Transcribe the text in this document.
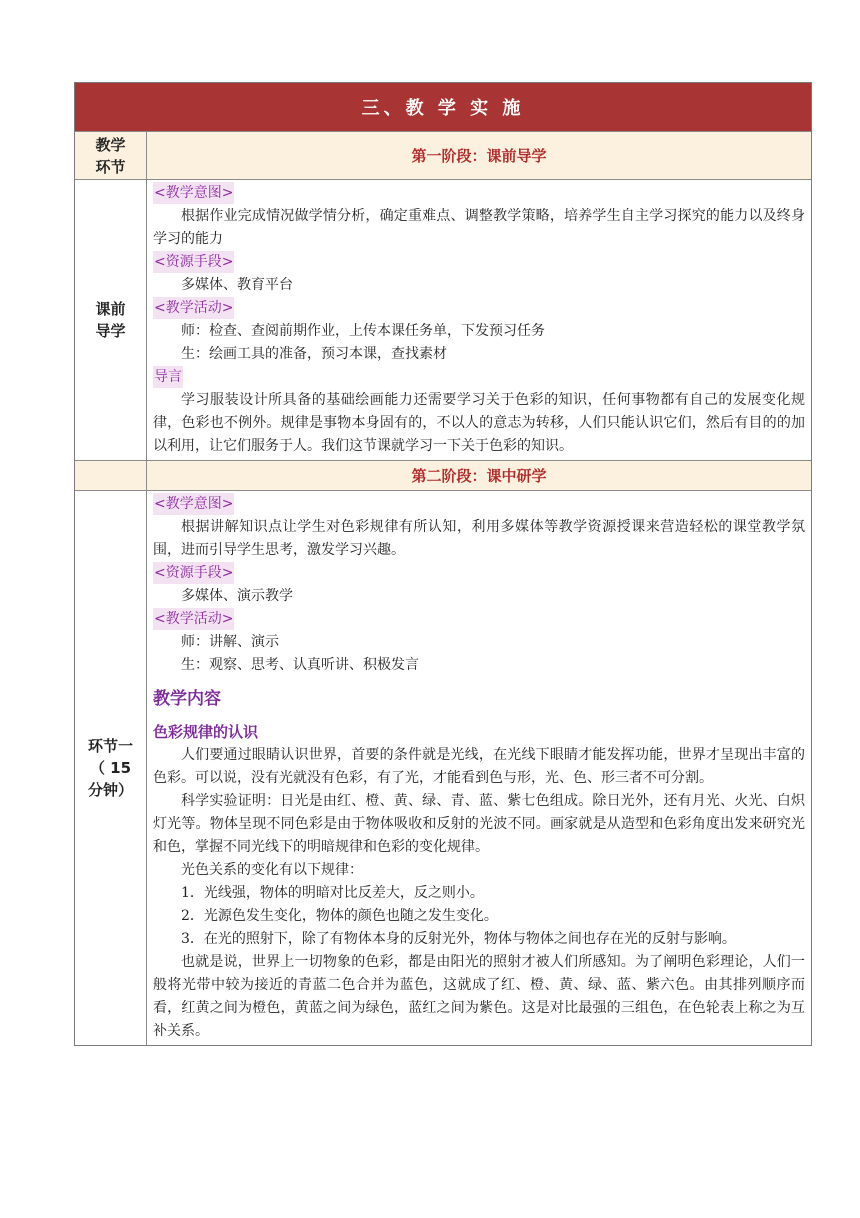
三、教 学 实 施
教学
环节
第一阶段：课前导学
课前
导学
<教学意图>

根据作业完成情况做学情分析，确定重难点、调整教学策略，培养学生自主学习探究的能力以及终身学习的能力

<资源手段>

多媒体、教育平台

<教学活动>

师：检查、查阅前期作业，上传本课任务单，下发预习任务

生：绘画工具的准备，预习本课，查找素材

导言

学习服装设计所具备的基础绘画能力还需要学习关于色彩的知识，任何事物都有自己的发展变化规律，色彩也不例外。规律是事物本身固有的，不以人的意志为转移，人们只能认识它们，然后有目的的加以利用，让它们服务于人。我们这节课就学习一下关于色彩的知识。

第二阶段：课中研学
环节一
（ 15
分钟）
<教学意图>

根据讲解知识点让学生对色彩规律有所认知，利用多媒体等教学资源授课来营造轻松的课堂教学氛围，进而引导学生思考，激发学习兴趣。

<资源手段>

多媒体、演示教学

<教学活动>

师：讲解、演示

生：观察、思考、认真听讲、积极发言

教学内容
色彩规律的认识

人们要通过眼睛认识世界，首要的条件就是光线，在光线下眼睛才能发挥功能，世界才呈现出丰富的色彩。可以说，没有光就没有色彩，有了光，才能看到色与形，光、色、形三者不可分割。

科学实验证明：日光是由红、橙、黄、绿、青、蓝、紫七色组成。除日光外，还有月光、火光、白炽灯光等。物体呈现不同色彩是由于物体吸收和反射的光波不同。画家就是从造型和色彩角度出发来研究光和色，掌握不同光线下的明暗规律和色彩的变化规律。

光色关系的变化有以下规律：

1．光线强，物体的明暗对比反差大，反之则小。

2．光源色发生变化，物体的颜色也随之发生变化。

3．在光的照射下，除了有物体本身的反射光外，物体与物体之间也存在光的反射与影响。

也就是说，世界上一切物象的色彩，都是由阳光的照射才被人们所感知。为了阐明色彩理论，人们一般将光带中较为接近的青蓝二色合并为蓝色，这就成了红、橙、黄、绿、蓝、紫六色。由其排列顺序而看，红黄之间为橙色，黄蓝之间为绿色，蓝红之间为紫色。这是对比最强的三组色，在色轮表上称之为互补关系。
